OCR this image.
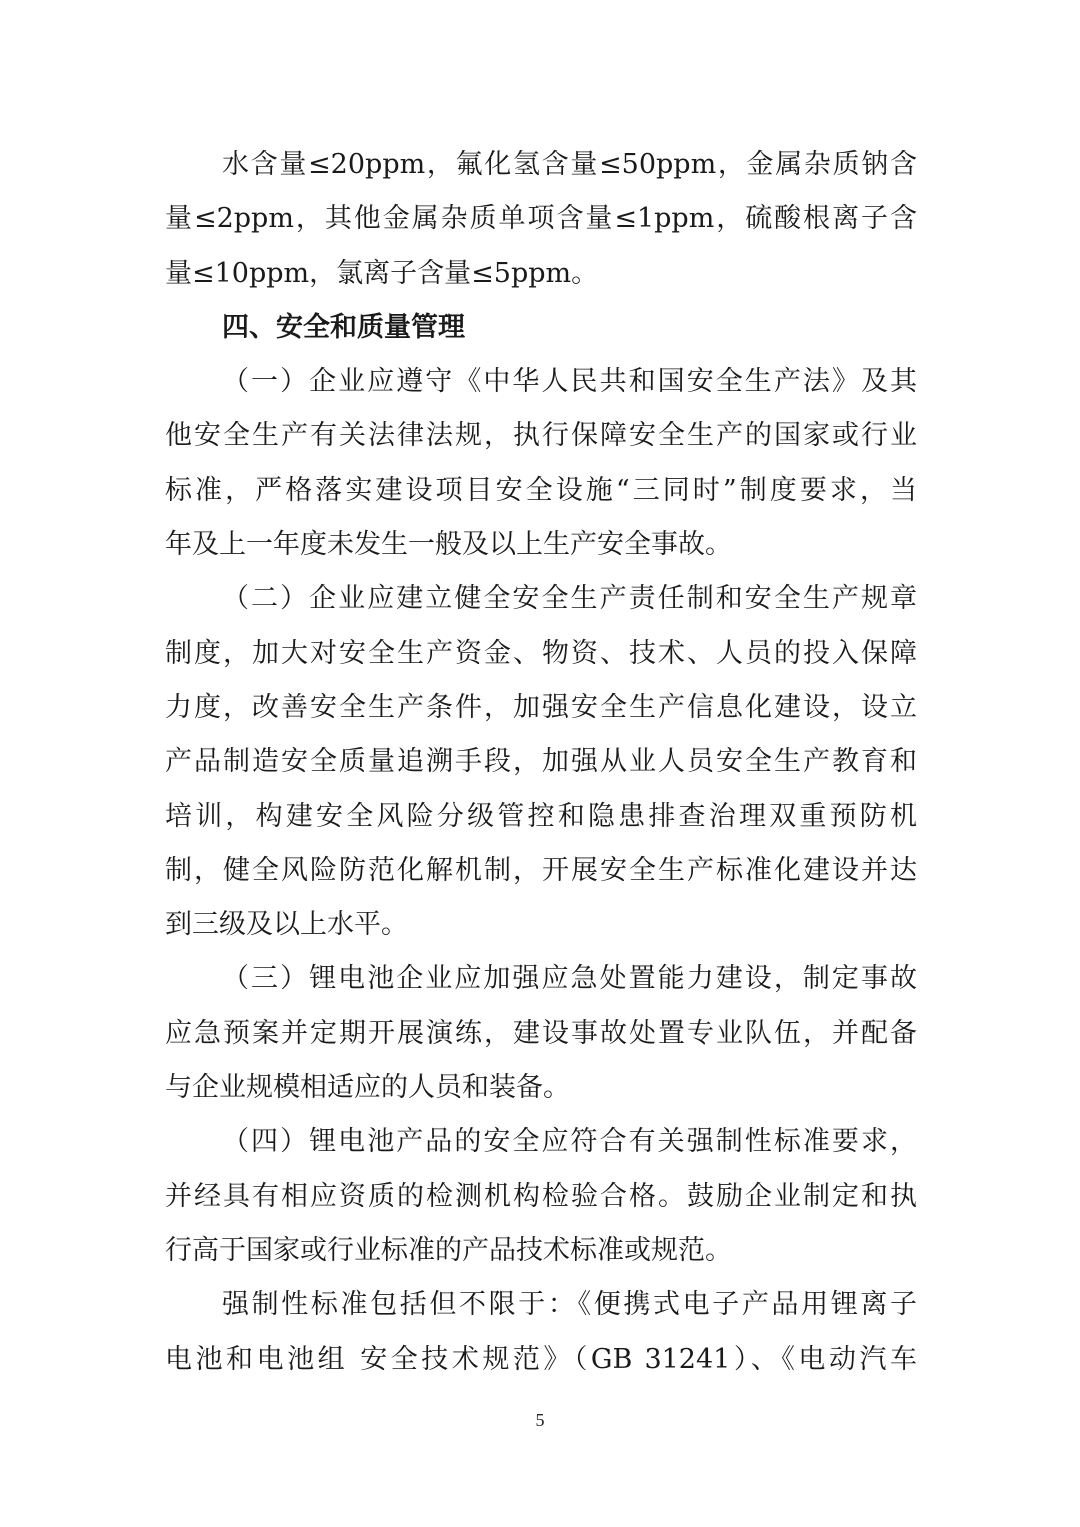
水含量≤20ppm，氟化氢含量≤50ppm，金属杂质钠含
量≤2ppm，其他金属杂质单项含量≤1ppm，硫酸根离子含
量≤10ppm，氯离子含量≤5ppm。
四、安全和质量管理
（一）企业应遵守《中华人民共和国安全生产法》及其
他安全生产有关法律法规，执行保障安全生产的国家或行业
标准，严格落实建设项目安全设施“三同时”制度要求，当
年及上一年度未发生一般及以上生产安全事故。
（二）企业应建立健全安全生产责任制和安全生产规章
制度，加大对安全生产资金、物资、技术、人员的投入保障
力度，改善安全生产条件，加强安全生产信息化建设，设立
产品制造安全质量追溯手段，加强从业人员安全生产教育和
培训，构建安全风险分级管控和隐患排查治理双重预防机
制，健全风险防范化解机制，开展安全生产标准化建设并达
到三级及以上水平。
（三）锂电池企业应加强应急处置能力建设，制定事故
应急预案并定期开展演练，建设事故处置专业队伍，并配备
与企业规模相适应的人员和装备。
（四）锂电池产品的安全应符合有关强制性标准要求，
并经具有相应资质的检测机构检验合格。鼓励企业制定和执
行高于国家或行业标准的产品技术标准或规范。
强制性标准包括但不限于：《便携式电子产品用锂离子
电池和电池组 安全技术规范》（GB 31241）、《电动汽车
5
